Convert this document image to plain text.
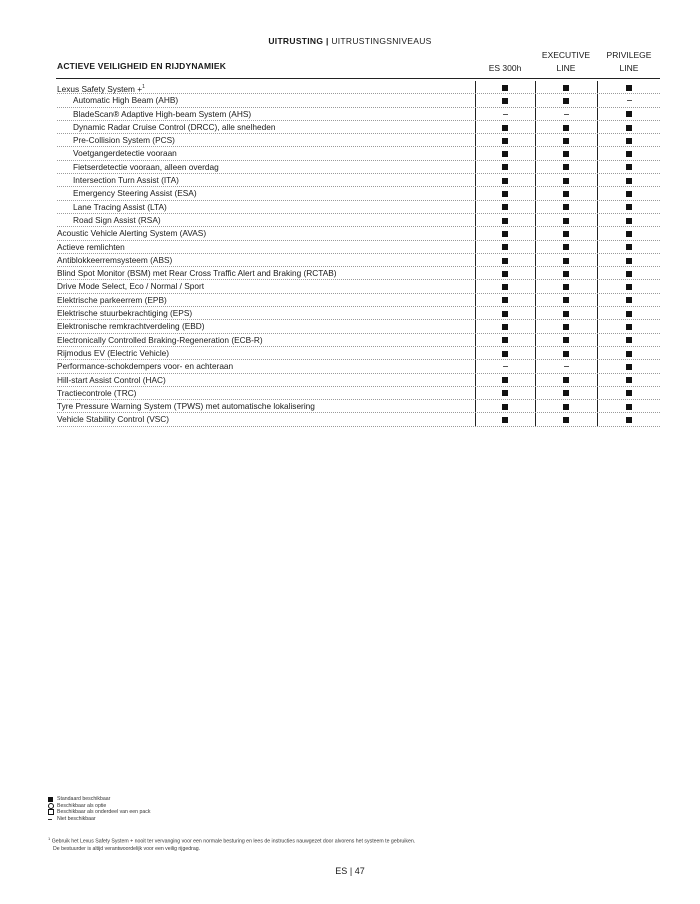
UITRUSTING | UITRUSTINGSNIVEAUS
ACTIEVE VEILIGHEID EN RIJDYNAMIEK	ES 300h
EXECUTIVE
LINE
PRIVILEGE
LINE
Lexus Safety System +$^1$
Automatic High Beam (AHB)
BladeScan® Adaptive High-beam System (AHS)
Dynamic Radar Cruise Control (DRCC), alle snelheden
Pre-Collision System (PCS)
Voetgangerdetectie vooraan
Fietserdetectie vooraan, alleen overdag
Intersection Turn Assist (ITA)
Emergency Steering Assist (ESA)
Lane Tracing Assist (LTA)
Road Sign Assist (RSA)
Acoustic Vehicle Alerting System (AVAS)
Actieve remlichten
Antiblokkeerremsysteem (ABS)
Blind Spot Monitor (BSM) met Rear Cross Traffic Alert and Braking (RCTAB)
Drive Mode Select, Eco / Normal / Sport
Elektrische parkeerrem (EPB)
Elektrische stuurbekrachtiging (EPS)
Elektronische remkrachtverdeling (EBD)
Electronically Controlled Braking-Regeneration (ECB-R)
Rijmodus EV (Electric Vehicle)
Performance-schokdempers voor- en achteraan
Hill-start Assist Control (HAC)
Tractiecontrole (TRC)
Tyre Pressure Warning System (TPWS) met automatische lokalisering
Vehicle Stability Control (VSC)
Standaard beschikbaar
Beschikbaar als optie
Beschikbaar als onderdeel van een pack
Niet beschikbaar
$^1$ Gebruik het Lexus Safety System + nooit ter vervanging voor een normale besturing en lees de instructies nauwgezet door alvorens het systeem te gebruiken.
De bestuurder is altijd verantwoordelijk voor een veilig rijgedrag.
ES | 47
